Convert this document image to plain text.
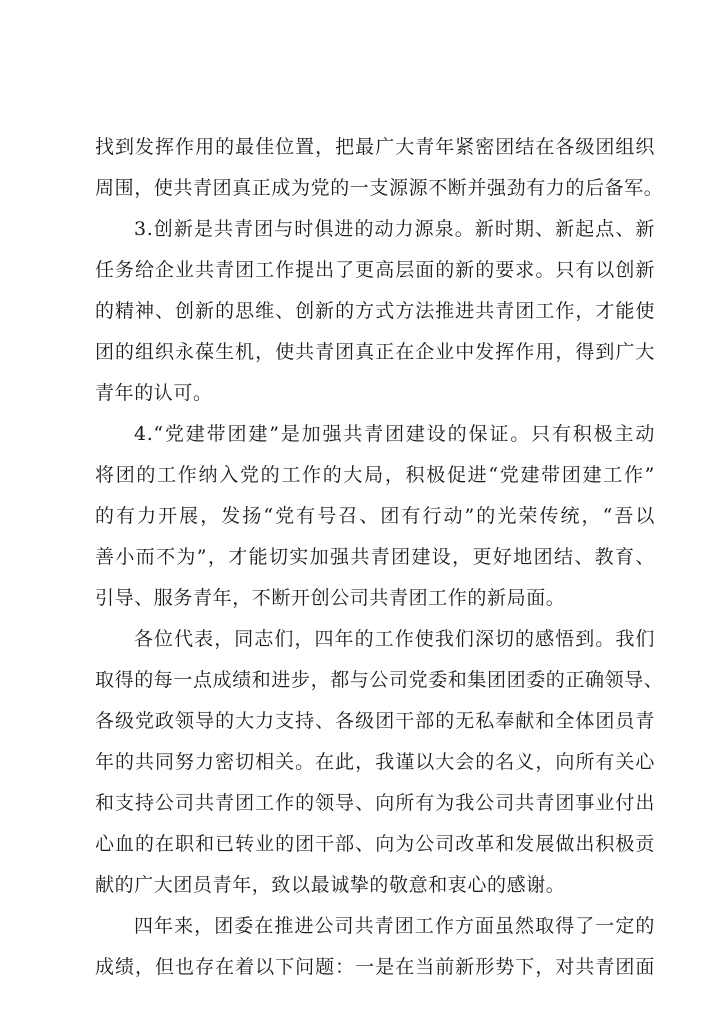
找到发挥作用的最佳位置，把最广大青年紧密团结在各级团组织
周围，使共青团真正成为党的一支源源不断并强劲有力的后备军。
3.创新是共青团与时俱进的动力源泉。新时期、新起点、新
任务给企业共青团工作提出了更高层面的新的要求。只有以创新
的精神、创新的思维、创新的方式方法推进共青团工作，才能使
团的组织永葆生机，使共青团真正在企业中发挥作用，得到广大
青年的认可。
4.“党建带团建”是加强共青团建设的保证。只有积极主动
将团的工作纳入党的工作的大局，积极促进“党建带团建工作”
的有力开展，发扬“党有号召、团有行动”的光荣传统，“吾以
善小而不为”，才能切实加强共青团建设，更好地团结、教育、
引导、服务青年，不断开创公司共青团工作的新局面。
各位代表，同志们，四年的工作使我们深切的感悟到。我们
取得的每一点成绩和进步，都与公司党委和集团团委的正确领导、
各级党政领导的大力支持、各级团干部的无私奉献和全体团员青
年的共同努力密切相关。在此，我谨以大会的名义，向所有关心
和支持公司共青团工作的领导、向所有为我公司共青团事业付出
心血的在职和已转业的团干部、向为公司改革和发展做出积极贡
献的广大团员青年，致以最诚挚的敬意和衷心的感谢。
四年来，团委在推进公司共青团工作方面虽然取得了一定的
成绩，但也存在着以下问题：一是在当前新形势下，对共青团面
